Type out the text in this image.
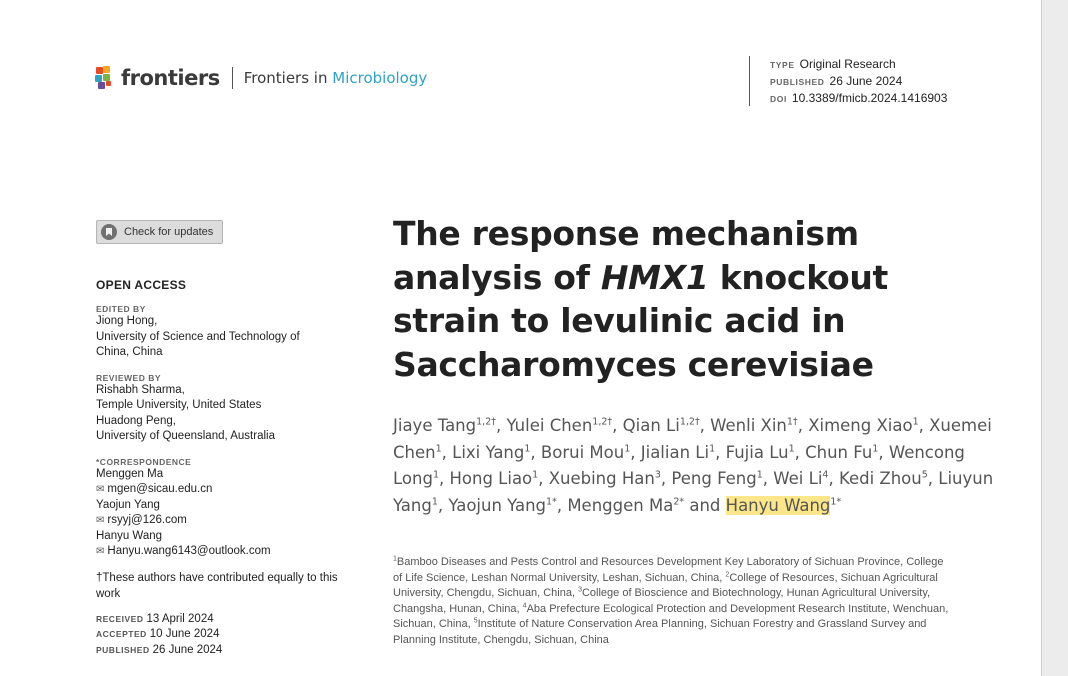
frontiers Frontiers in Microbiology
TYPE Original Research
PUBLISHED 26 June 2024
DOI 10.3389/fmicb.2024.1416903
Check for updates
OPEN ACCESS
EDITED BY
Jiong Hong,
University of Science and Technology of
China, China
REVIEWED BY
Rishabh Sharma,
Temple University, United States
Huadong Peng,
University of Queensland, Australia
*CORRESPONDENCE
Menggen Ma
✉ mgen@sicau.edu.cn
Yaojun Yang
✉ rsyyj@126.com
Hanyu Wang
✉ Hanyu.wang6143@outlook.com
†These authors have contributed equally to this work
RECEIVED 13 April 2024
ACCEPTED 10 June 2024
PUBLISHED 26 June 2024
The response mechanism analysis of HMX1 knockout strain to levulinic acid in Saccharomyces cerevisiae
Jiaye Tang$^{1,2\dagger}$, Yulei Chen$^{1,2\dagger}$, Qian $Li^{1,2\dagger}$, Wenli Xin$^{1\dagger}$, Ximeng Xiao$^1$, Xuemei Chen$^1$, Lixi Yang$^1$, Borui Mou$^1$, Jialian Li$^1$, Fujia Lu$^1$, Chun Fu$^1$, Wencong Long$^1$, Hong Liao$^1$, Xuebing Han$^3$, Peng Feng$^1$, Wei Li$^4$, Kedi Zhou$^5$, Liuyun Yang$^1$, Yaojun Yang$^{1*}$, Menggen $Ma^{2*}$ and Hanyu Wang$^{1*}$
$^1$Bamboo Diseases and Pests Control and Resources Development Key Laboratory of Sichuan Province, College of Life Science, Leshan Normal University, Leshan, Sichuan, China, $^2$College of Resources, Sichuan Agricultural University, Chengdu, Sichuan, China, $^3$College of Bioscience and Biotechnology, Hunan Agricultural University, Changsha, Hunan, China, $^4$Aba Prefecture Ecological Protection and Development Research Institute, Wenchuan, Sichuan, China, $^5$Institute of Nature Conservation Area Planning, Sichuan Forestry and Grassland Survey and Planning Institute, Chengdu, Sichuan, China
